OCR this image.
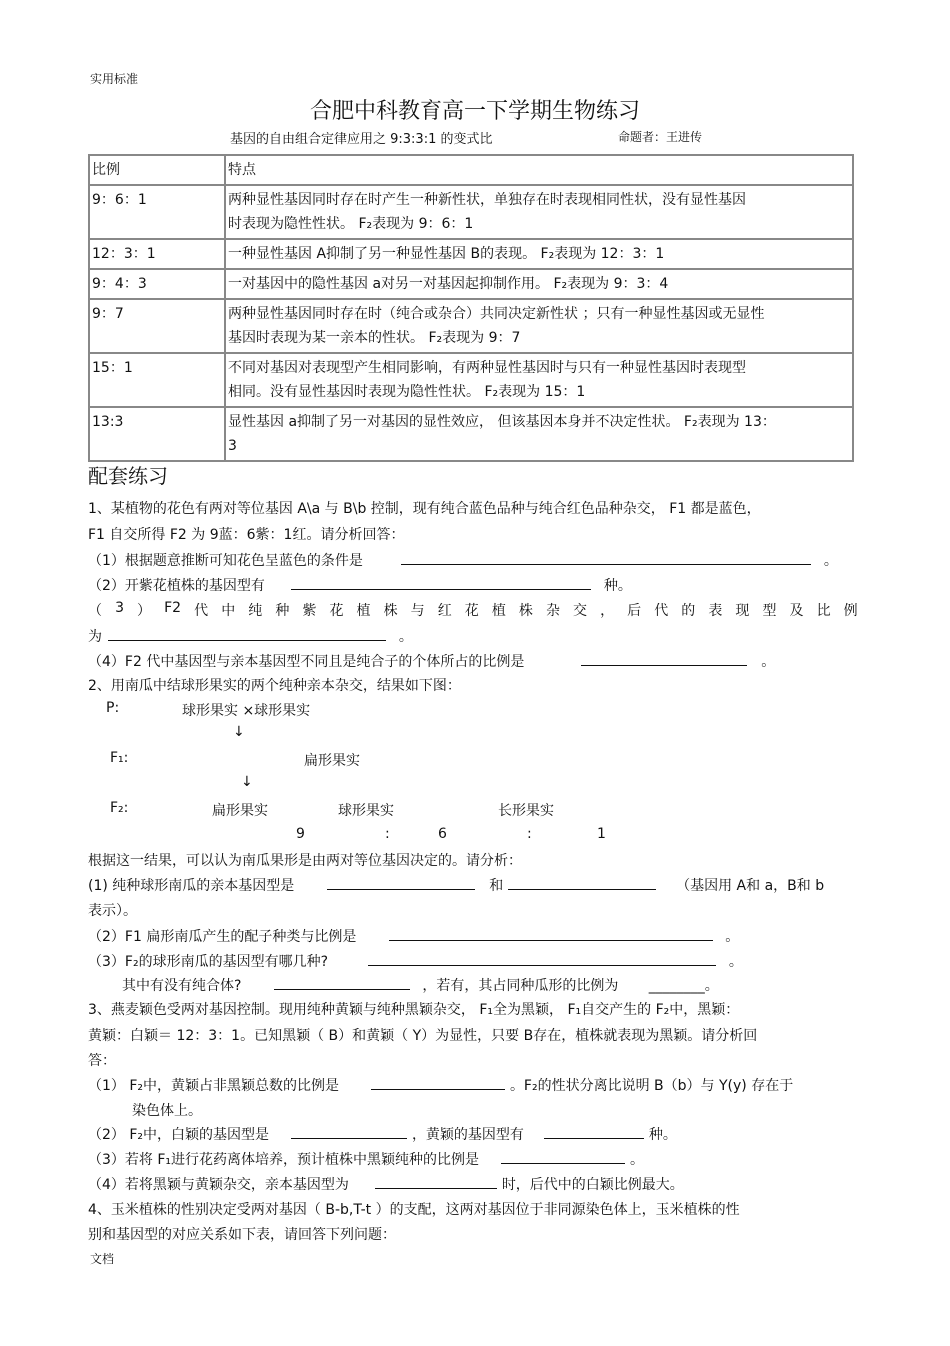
实用标准
合肥中科教育高一下学期生物练习
基因的自由组合定律应用之 9:3:3:1 的变式比	命题者：王进传
比例	特点
9：6：1	两种显性基因同时存在时产生一种新性状，单独存在时表现相同性状，没有显性基因
时表现为隐性性状。 F₂表现为 9：6：1

12：3：1	一种显性基因 A抑制了另一种显性基因 B的表现。 F₂表现为 12：3：1

9：4：3	一对基因中的隐性基因 a对另一对基因起抑制作用。 F₂表现为 9：3：4

9：7	两种显性基因同时存在时（纯合或杂合）共同决定新性状 ；只有一种显性基因或无显性
基因时表现为某一亲本的性状。 F₂表现为 9：7

15：1	不同对基因对表现型产生相同影响，有两种显性基因时与只有一种显性基因时表现型
相同。没有显性基因时表现为隐性性状。 F₂表现为 15：1

13:3	显性基因 a抑制了另一对基因的显性效应， 但该基因本身并不决定性状。 F₂表现为 13：
3
配套练习
1、某植物的花色有两对等位基因 A\a 与 B\b 控制，现有纯合蓝色品种与纯合红色品种杂交， F1 都是蓝色，
F1 自交所得 F2 为 9蓝：6紫：1红。请分析回答：
（1）根据题意推断可知花色呈蓝色的条件是	。
（2）开紫花植株的基因型有	种。
（ 3 ） F2 代 中 纯 种 紫 花 植 株 与 红 花 植 株 杂 交 ， 后 代 的 表 现 型 及 比 例
为	。
（4）F2 代中基因型与亲本基因型不同且是纯合子的个体所占的比例是	。
2、用南瓜中结球形果实的两个纯种亲本杂交，结果如下图：
P:	球形果实 ×球形果实
↓
F₁:	扁形果实
↓
F₂:	扁形果实	球形果实	长形果实
9	:	6	:	1
根据这一结果，可以认为南瓜果形是由两对等位基因决定的。请分析：
(1) 纯种球形南瓜的亲本基因型是	和	（基因用 A和 a，B和 b
表示）。
（2）F1 扁形南瓜产生的配子种类与比例是	。
（3）F₂的球形南瓜的基因型有哪几种?	。
其中有没有纯合体?	，若有，其占同种瓜形的比例为 ________。
3、燕麦颖色受两对基因控制。现用纯种黄颖与纯种黑颖杂交， F₁全为黑颖， F₁自交产生的 F₂中，黑颖：
黄颖：白颖＝ 12：3：1。已知黑颖（ B）和黄颖（ Y）为显性，只要 B存在，植株就表现为黑颖。请分析回
答：
（1） F₂中，黄颖占非黑颖总数的比例是	。F₂的性状分离比说明 B（b）与 Y(y) 存在于
染色体上。
（2） F₂中，白颖的基因型是	，黄颖的基因型有	种。
（3）若将 F₁进行花药离体培养，预计植株中黑颖纯种的比例是	。
（4）若将黑颖与黄颖杂交，亲本基因型为	时，后代中的白颖比例最大。
4、玉米植株的性别决定受两对基因（ B-b,T-t ）的支配，这两对基因位于非同源染色体上，玉米植株的性
别和基因型的对应关系如下表，请回答下列问题：
文档
